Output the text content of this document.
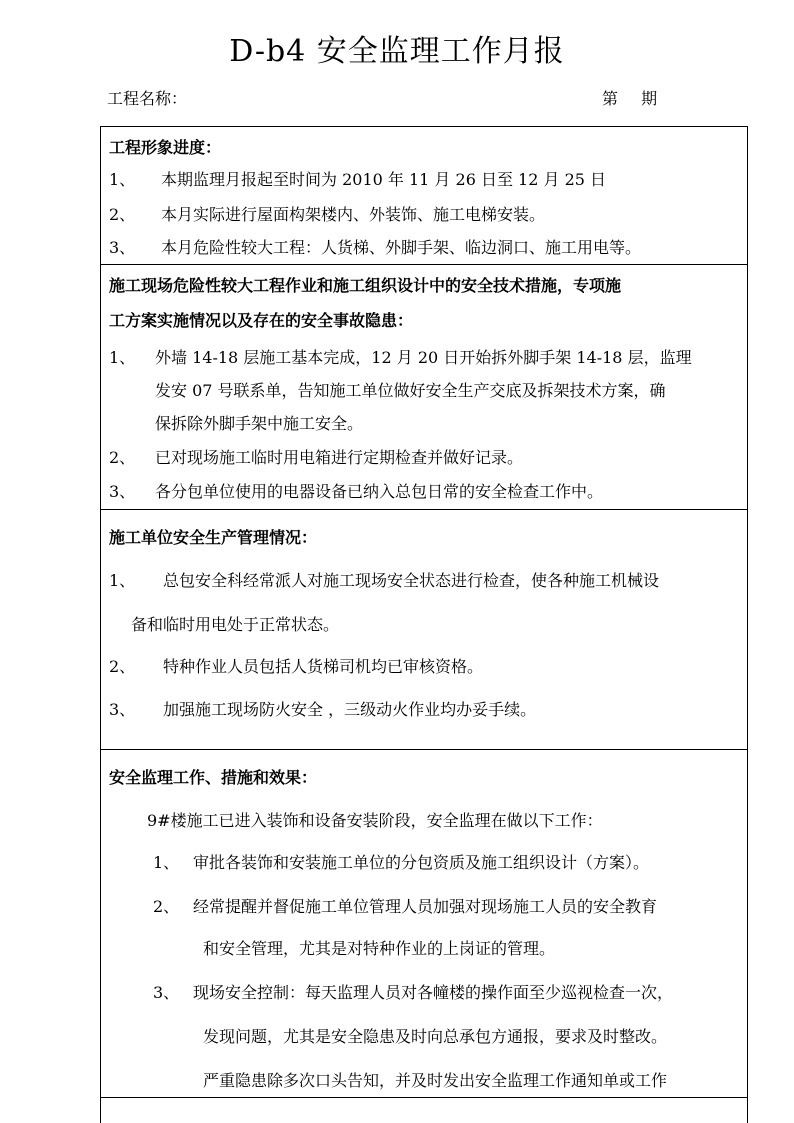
D-b4 安全监理工作月报
工程名称：	第 期
工程形象进度：
1、 本期监理月报起至时间为 2010 年 11 月 26 日至 12 月 25 日
2、 本月实际进行屋面构架楼内、外装饰、施工电梯安装。
3、 本月危险性较大工程：人货梯、外脚手架、临边洞口、施工用电等。
施工现场危险性较大工程作业和施工组织设计中的安全技术措施，专项施
工方案实施情况以及存在的安全事故隐患：
1、 外墙 14-18 层施工基本完成，12 月 20 日开始拆外脚手架 14-18 层，监理
发安 07 号联系单，告知施工单位做好安全生产交底及拆架技术方案，确
保拆除外脚手架中施工安全。
2、 已对现场施工临时用电箱进行定期检查并做好记录。
3、 各分包单位使用的电器设备已纳入总包日常的安全检查工作中。
施工单位安全生产管理情况：
1、 总包安全科经常派人对施工现场安全状态进行检查，使各种施工机械设
备和临时用电处于正常状态。
2、 特种作业人员包括人货梯司机均已审核资格。
3、 加强施工现场防火安全 ，三级动火作业均办妥手续。
安全监理工作、措施和效果：
9#楼施工已进入装饰和设备安装阶段，安全监理在做以下工作：
1、 审批各装饰和安装施工单位的分包资质及施工组织设计（方案）。
2、 经常提醒并督促施工单位管理人员加强对现场施工人员的安全教育
和安全管理，尤其是对特种作业的上岗证的管理。
3、 现场安全控制：每天监理人员对各幢楼的操作面至少巡视检查一次，
发现问题，尤其是安全隐患及时向总承包方通报，要求及时整改。
严重隐患除多次口头告知，并及时发出安全监理工作通知单或工作
